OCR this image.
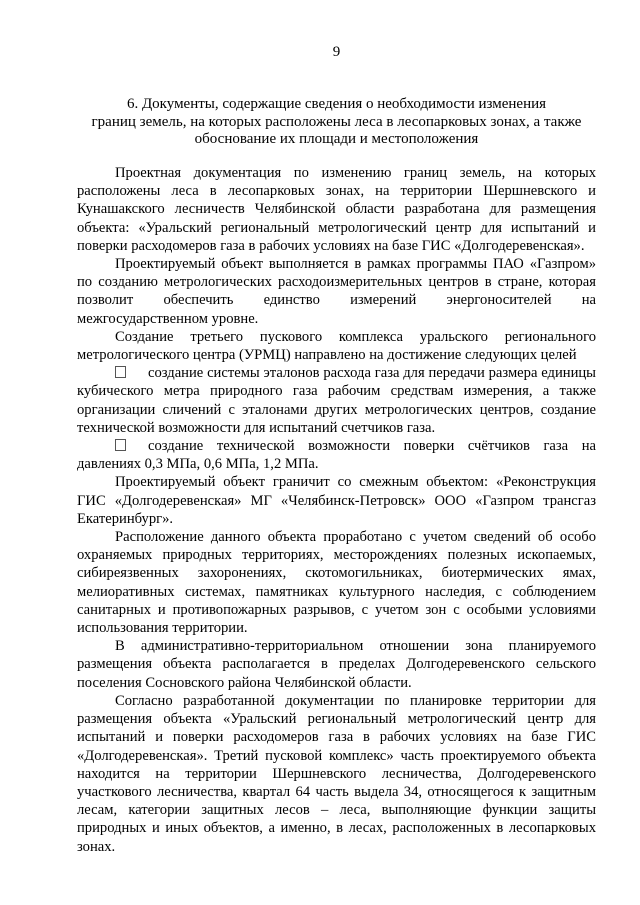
9
6. Документы, содержащие сведения о необходимости изменения
границ земель, на которых расположены леса в лесопарковых зонах, а также
обоснование их площади и местоположения

Проектная документация по изменению границ земель, на которых расположены леса в лесопарковых зонах, на территории Шершневского и Кунашакского лесничеств Челябинской области разработана для размещения объекта: «Уральский региональный метрологический центр для испытаний и поверки расходомеров газа в рабочих условиях на базе ГИС «Долгодеревенская».

Проектируемый объект выполняется в рамках программы ПАО «Газпром» по созданию метрологических расходоизмерительных центров в стране, которая позволит обеспечить единство измерений энергоносителей на межгосударственном уровне.

Создание третьего пускового комплекса уральского регионального метрологического центра (УРМЦ) направлено на достижение следующих целей

создание системы эталонов расхода газа для передачи размера единицы кубического метра природного газа рабочим средствам измерения, а также организации сличений с эталонами других метрологических центров, создание технической возможности для испытаний счетчиков газа.

создание технической возможности поверки счётчиков газа на давлениях 0,3 МПа, 0,6 МПа, 1,2 МПа.

Проектируемый объект граничит со смежным объектом: «Реконструкция ГИС «Долгодеревенская» МГ «Челябинск-Петровск» ООО «Газпром трансгаз Екатеринбург».

Расположение данного объекта проработано с учетом сведений об особо охраняемых природных территориях, месторождениях полезных ископаемых, сибиреязвенных захоронениях, скотомогильниках, биотермических ямах, мелиоративных системах, памятниках культурного наследия, с соблюдением санитарных и противопожарных разрывов, с учетом зон с особыми условиями использования территории.

В административно-территориальном отношении зона планируемого размещения объекта располагается в пределах Долгодеревенского сельского поселения Сосновского района Челябинской области.

Согласно разработанной документации по планировке территории для размещения объекта «Уральский региональный метрологический центр для испытаний и поверки расходомеров газа в рабочих условиях на базе ГИС «Долгодеревенская». Третий пусковой комплекс» часть проектируемого объекта находится на территории Шершневского лесничества, Долгодеревенского участкового лесничества, квартал 64 часть выдела 34, относящегося к защитным лесам, категории защитных лесов – леса, выполняющие функции защиты природных и иных объектов, а именно, в лесах, расположенных в лесопарковых зонах.
